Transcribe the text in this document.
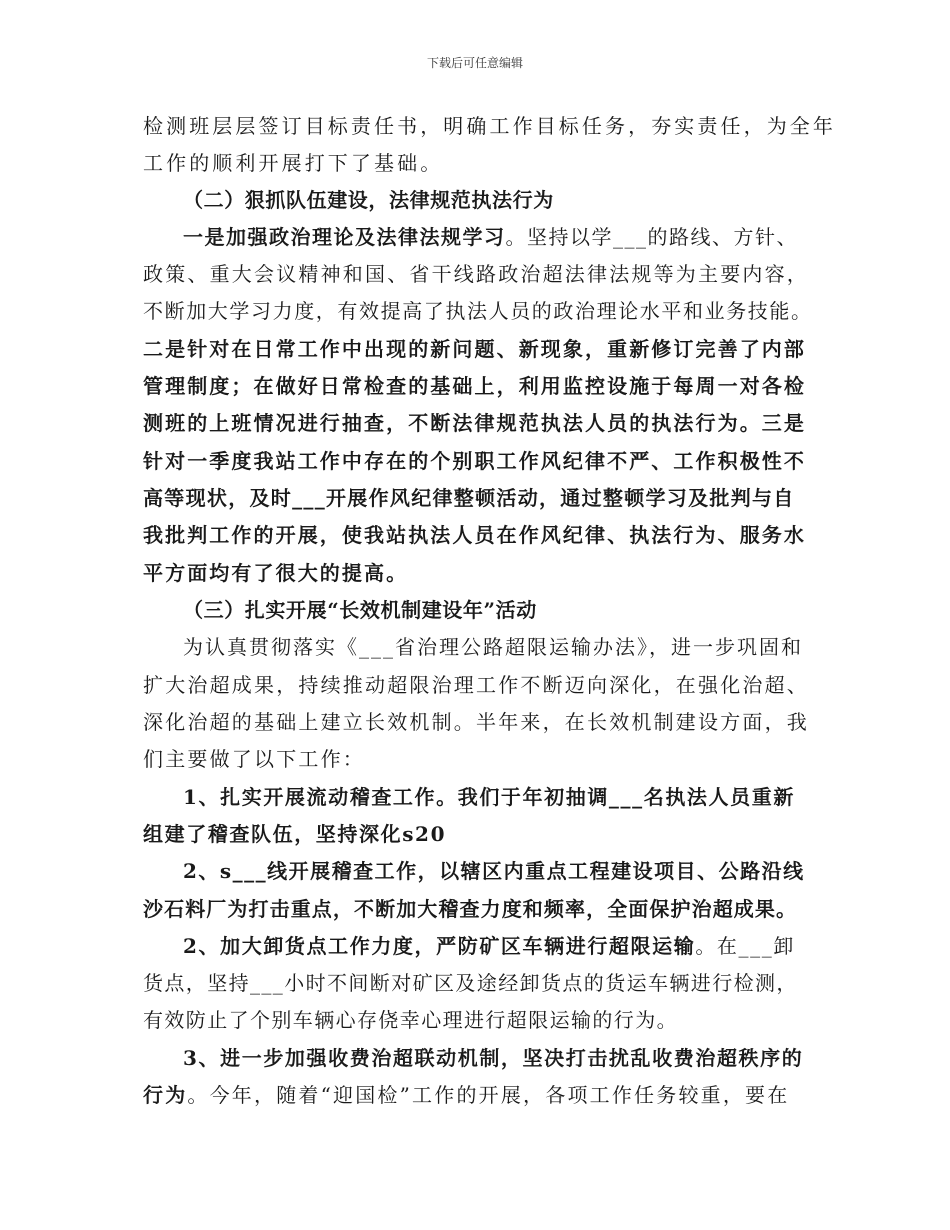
下载后可任意编辑
检测班层层签订目标责任书，明确工作目标任务，夯实责任，为全年
工作的顺利开展打下了基础。
（二）狠抓队伍建设，法律规范执法行为
一是加强政治理论及法律法规学习。坚持以学___的路线、方针、
政策、重大会议精神和国、省干线路政治超法律法规等为主要内容，
不断加大学习力度，有效提高了执法人员的政治理论水平和业务技能。
二是针对在日常工作中出现的新问题、新现象，重新修订完善了内部
管理制度；在做好日常检查的基础上，利用监控设施于每周一对各检
测班的上班情况进行抽查，不断法律规范执法人员的执法行为。三是
针对一季度我站工作中存在的个别职工作风纪律不严、工作积极性不
高等现状，及时___开展作风纪律整顿活动，通过整顿学习及批判与自
我批判工作的开展，使我站执法人员在作风纪律、执法行为、服务水
平方面均有了很大的提高。
（三）扎实开展“长效机制建设年”活动
为认真贯彻落实《___省治理公路超限运输办法》，进一步巩固和
扩大治超成果，持续推动超限治理工作不断迈向深化，在强化治超、
深化治超的基础上建立长效机制。半年来，在长效机制建设方面，我
们主要做了以下工作：
1、扎实开展流动稽查工作。我们于年初抽调___名执法人员重新
组建了稽查队伍，坚持深化s20
2、s___线开展稽查工作，以辖区内重点工程建设项目、公路沿线
沙石料厂为打击重点，不断加大稽查力度和频率，全面保护治超成果。
2、加大卸货点工作力度，严防矿区车辆进行超限运输。在___卸
货点，坚持___小时不间断对矿区及途经卸货点的货运车辆进行检测，
有效防止了个别车辆心存侥幸心理进行超限运输的行为。
3、进一步加强收费治超联动机制，坚决打击扰乱收费治超秩序的
行为。今年，随着“迎国检”工作的开展，各项工作任务较重，要在
